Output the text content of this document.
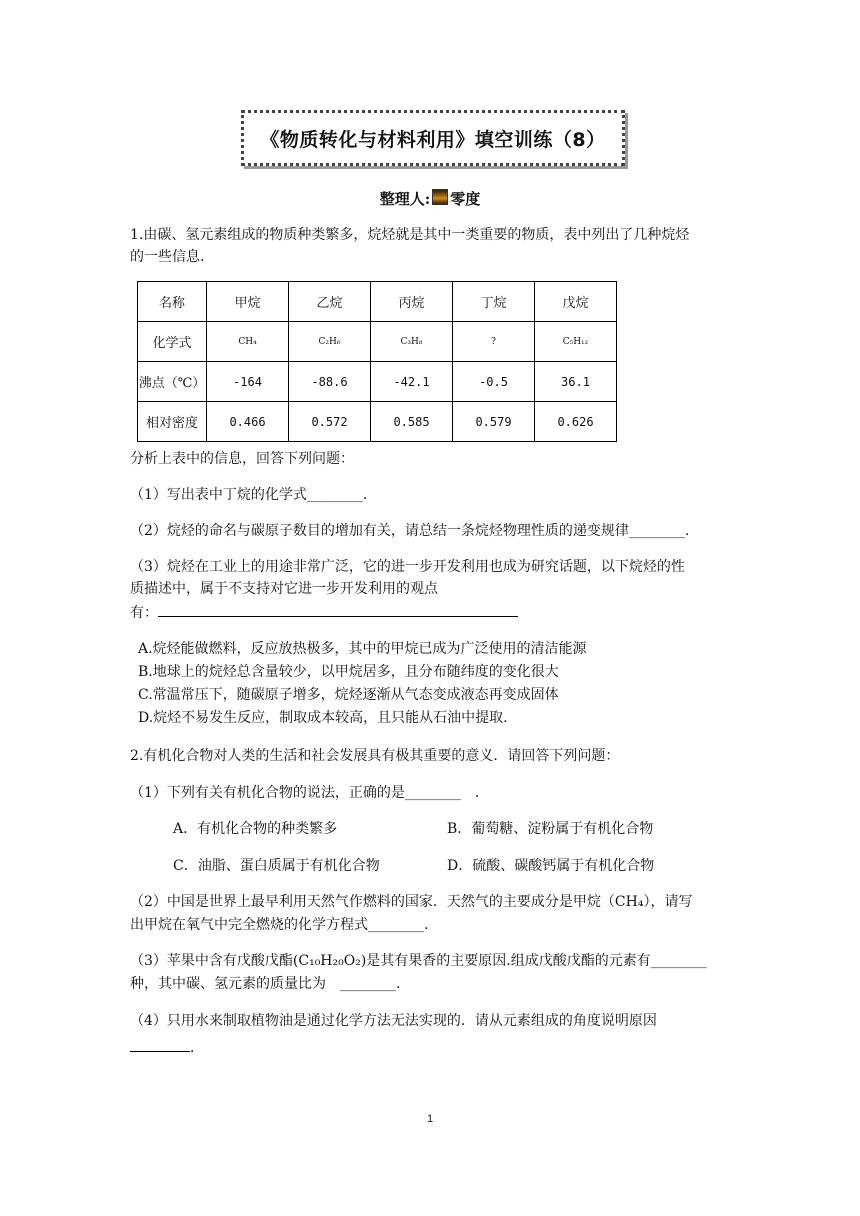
《物质转化与材料利用》填空训练（8）
整理人: 零度
1.由碳、氢元素组成的物质种类繁多，烷烃就是其中一类重要的物质，表中列出了几种烷烃
的一些信息.
名称	甲烷	乙烷	丙烷	丁烷	戊烷
化学式	CH₄	C₂H₆	C₃H₈	?	C₅H₁₂
沸点（℃）	-164	-88.6	-42.1	-0.5	36.1
相对密度	0.466	0.572	0.585	0.579	0.626
分析上表中的信息，回答下列问题：
（1）写出表中丁烷的化学式________.
（2）烷烃的命名与碳原子数目的增加有关，请总结一条烷烃物理性质的递变规律________.
（3）烷烃在工业上的用途非常广泛，它的进一步开发利用也成为研究话题，以下烷烃的性
质描述中，属于不支持对它进一步开发利用的观点
有：
A.烷烃能做燃料，反应放热极多，其中的甲烷已成为广泛使用的清洁能源
B.地球上的烷烃总含量较少，以甲烷居多，且分布随纬度的变化很大
C.常温常压下，随碳原子增多，烷烃逐渐从气态变成液态再变成固体
D.烷烃不易发生反应，制取成本较高，且只能从石油中提取.
2.有机化合物对人类的生活和社会发展具有极其重要的意义．请回答下列问题：
（1）下列有关有机化合物的说法，正确的是________　.
A．有机化合物的种类繁多	B．葡萄糖、淀粉属于有机化合物
C．油脂、蛋白质属于有机化合物	D．硫酸、碳酸钙属于有机化合物
（2）中国是世界上最早利用天然气作燃料的国家．天然气的主要成分是甲烷（CH₄），请写
出甲烷在氧气中完全燃烧的化学方程式________.
（3）苹果中含有戊酸戊酯(C₁₀H₂₀O₂)是其有果香的主要原因.组成戊酸戊酯的元素有________
种，其中碳、氢元素的质量比为　________.
（4）只用水来制取植物油是通过化学方法无法实现的．请从元素组成的角度说明原因
．
1
